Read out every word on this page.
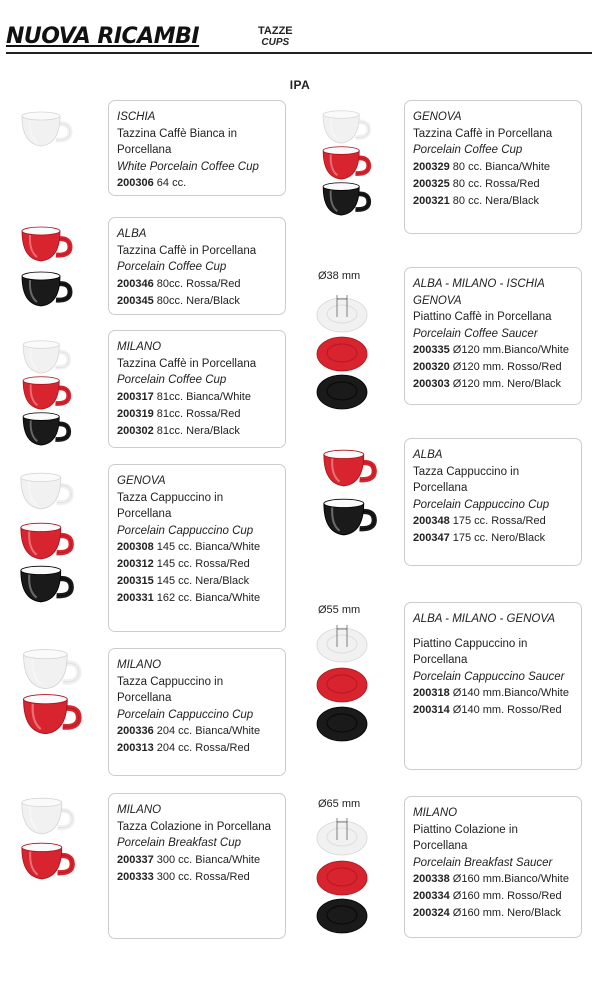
NUOVA RICAMBI	TAZZE
CUPS
IPA
Ø38 mm
Ø55 mm
Ø65 mm
ISCHIA
Tazzina Caffè Bianca in Porcellana
White Porcelain Coffee Cup
200306 64 cc.
ALBA
Tazzina Caffè in Porcellana
Porcelain Coffee Cup
200346 80cc. Rossa/Red
200345 80cc. Nera/Black
MILANO
Tazzina Caffè in Porcellana
Porcelain Coffee Cup
200317 81cc. Bianca/White
200319 81cc. Rossa/Red
200302 81cc. Nera/Black
GENOVA
Tazza Cappuccino in Porcellana
Porcelain Cappuccino Cup
200308 145 cc. Bianca/White
200312 145 cc. Rossa/Red
200315 145 cc. Nera/Black
200331 162 cc. Bianca/White
MILANO
Tazza Cappuccino in Porcellana
Porcelain Cappuccino Cup
200336 204 cc. Bianca/White
200313 204 cc. Rossa/Red
MILANO
Tazza Colazione in Porcellana
Porcelain Breakfast Cup
200337 300 cc. Bianca/White
200333 300 cc. Rossa/Red
GENOVA
Tazzina Caffè in Porcellana
Porcelain Coffee Cup
200329 80 cc. Bianca/White
200325 80 cc. Rossa/Red
200321 80 cc. Nera/Black
ALBA - MILANO - ISCHIA GENOVA
Piattino Caffè in Porcellana
Porcelain Coffee Saucer
200335 Ø120 mm.Bianco/White
200320 Ø120 mm. Rosso/Red
200303 Ø120 mm. Nero/Black
ALBA
Tazza Cappuccino in Porcellana
Porcelain Cappuccino Cup
200348 175 cc. Rossa/Red
200347 175 cc. Nero/Black
ALBA - MILANO - GENOVA
Piattino Cappuccino in Porcellana
Porcelain Cappuccino Saucer
200318 Ø140 mm.Bianco/White
200314 Ø140 mm. Rosso/Red
MILANO
Piattino Colazione in Porcellana
Porcelain Breakfast Saucer
200338 Ø160 mm.Bianco/White
200334 Ø160 mm. Rosso/Red
200324 Ø160 mm. Nero/Black
